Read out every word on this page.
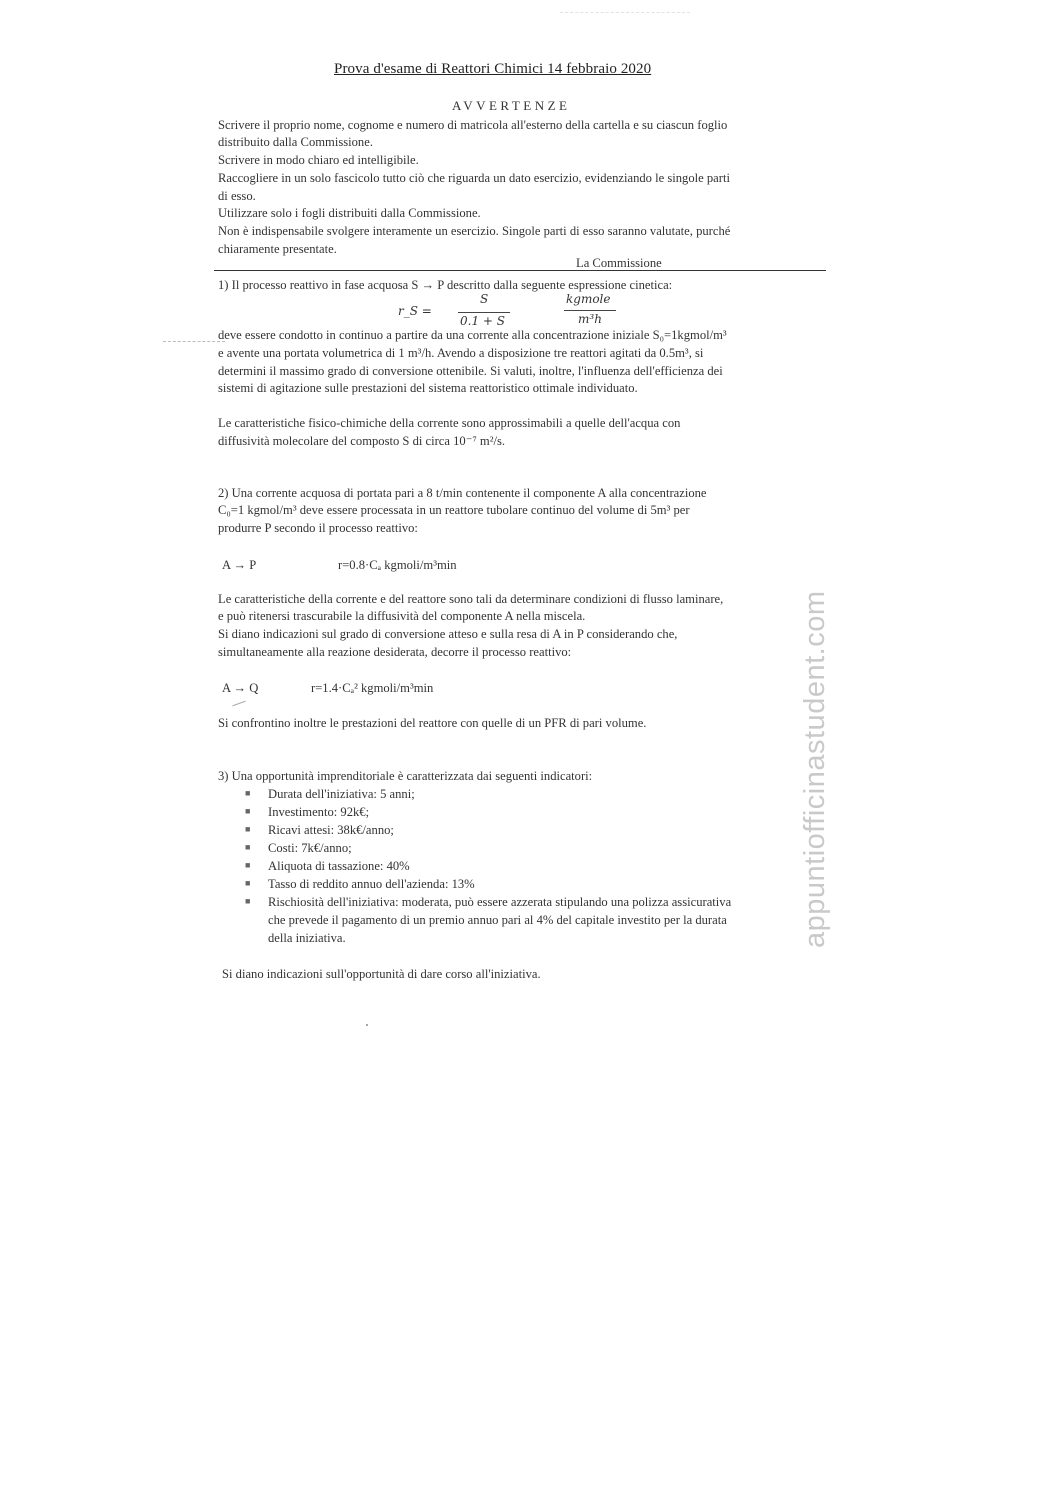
Prova d'esame di Reattori Chimici 14 febbraio 2020
AVVERTENZE
Scrivere il proprio nome, cognome e numero di matricola all'esterno della cartella e su ciascun foglio
distribuito dalla Commissione.
Scrivere in modo chiaro ed intelligibile.
Raccogliere in un solo fascicolo tutto ciò che riguarda un dato esercizio, evidenziando le singole parti
di esso.
Utilizzare solo i fogli distribuiti dalla Commissione.
Non è indispensabile svolgere interamente un esercizio. Singole parti di esso saranno valutate, purché
chiaramente presentate.
La Commissione
1) Il processo reattivo in fase acquosa S → P descritto dalla seguente espressione cinetica:
r_S =
S
0.1 + S
kgmole
m³h
deve essere condotto in continuo a partire da una corrente alla concentrazione iniziale S₀=1kgmol/m³
e avente una portata volumetrica di 1 m³/h. Avendo a disposizione tre reattori agitati da 0.5m³, si
determini il massimo grado di conversione ottenibile. Si valuti, inoltre, l'influenza dell'efficienza dei
sistemi di agitazione sulle prestazioni del sistema reattoristico ottimale individuato.
Le caratteristiche fisico-chimiche della corrente sono approssimabili a quelle dell'acqua con
diffusività molecolare del composto S di circa 10⁻⁷ m²/s.
2) Una corrente acquosa di portata pari a 8 t/min contenente il componente A alla concentrazione
C₀=1 kgmol/m³ deve essere processata in un reattore tubolare continuo del volume di 5m³ per
produrre P secondo il processo reattivo:
A → P	r=0.8·Cₐ kgmoli/m³min
Le caratteristiche della corrente e del reattore sono tali da determinare condizioni di flusso laminare,
e può ritenersi trascurabile la diffusività del componente A nella miscela.
Si diano indicazioni sul grado di conversione atteso e sulla resa di A in P considerando che,
simultaneamente alla reazione desiderata, decorre il processo reattivo:
A → Q	r=1.4·Cₐ² kgmoli/m³min
Si confrontino inoltre le prestazioni del reattore con quelle di un PFR di pari volume.
3) Una opportunità imprenditoriale è caratterizzata dai seguenti indicatori:
■ Durata dell'iniziativa: 5 anni;
■ Investimento: 92k€;
■ Ricavi attesi: 38k€/anno;
■ Costi: 7k€/anno;
■ Aliquota di tassazione: 40%
■ Tasso di reddito annuo dell'azienda: 13%
■ Rischiosità dell'iniziativa: moderata, può essere azzerata stipulando una polizza assicurativa
che prevede il pagamento di un premio annuo pari al 4% del capitale investito per la durata
della iniziativa.
Si diano indicazioni sull'opportunità di dare corso all'iniziativa.
appuntiofficinastudent.com
